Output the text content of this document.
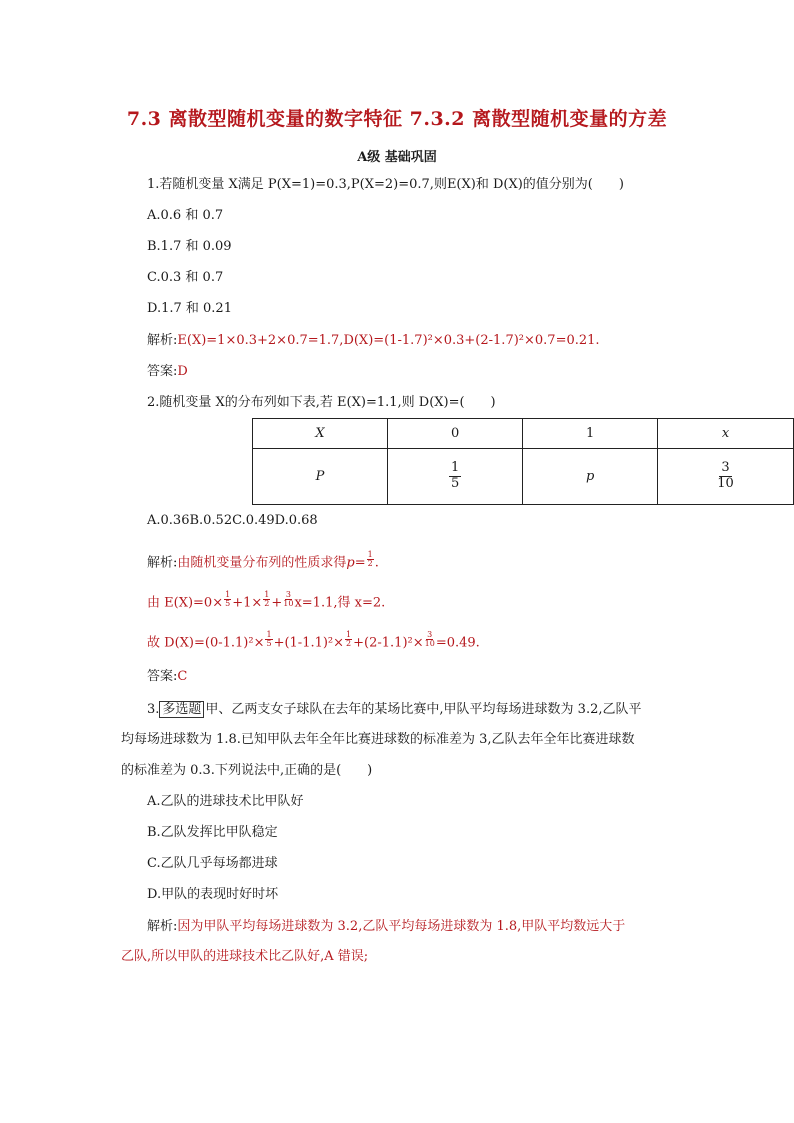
7.3 离散型随机变量的数字特征 7.3.2 离散型随机变量的方差
A级 基础巩固
1.若随机变量 X满足 P(X=1)=0.3,P(X=2)=0.7,则E(X)和 D(X)的值分别为(　　)
A.0.6 和 0.7
B.1.7 和 0.09
C.0.3 和 0.7
D.1.7 和 0.21
解析:E(X)=1×0.3+2×0.7=1.7,D(X)=(1-1.7)²×0.3+(2-1.7)²×0.7=0.21.
答案:D
2.随机变量 X的分布列如下表,若 E(X)=1.1,则 D(X)=(　　)
X	0	1	x
P	$\frac{1}{5}$	p	$\frac{3}{10}$
A.0.36B.0.52C.0.49D.0.68
解析:由随机变量分布列的性质求得$p= \frac{1}{2}$ .
由 $E(X)=0\times \frac{1}{5} +1\times \frac{1}{2} + \frac{3}{10} x=1.1$,得 x=2.
故 $D(X)=(0-1.1)^2\times \frac{1}{5} +(1-1.1)^2\times \frac{1}{2} +(2-1.1)^2\times \frac{3}{10} =0.49$.
答案:C
3. 多选题 甲、乙两支女子球队在去年的某场比赛中,甲队平均每场进球数为 3.2,乙队平
均每场进球数为 1.8.已知甲队去年全年比赛进球数的标准差为 3,乙队去年全年比赛进球数
的标准差为 0.3.下列说法中,正确的是(　　)
A.乙队的进球技术比甲队好
B.乙队发挥比甲队稳定
C.乙队几乎每场都进球
D.甲队的表现时好时坏
解析:因为甲队平均每场进球数为 3.2,乙队平均每场进球数为 1.8,甲队平均数远大于
乙队,所以甲队的进球技术比乙队好,A 错误;
